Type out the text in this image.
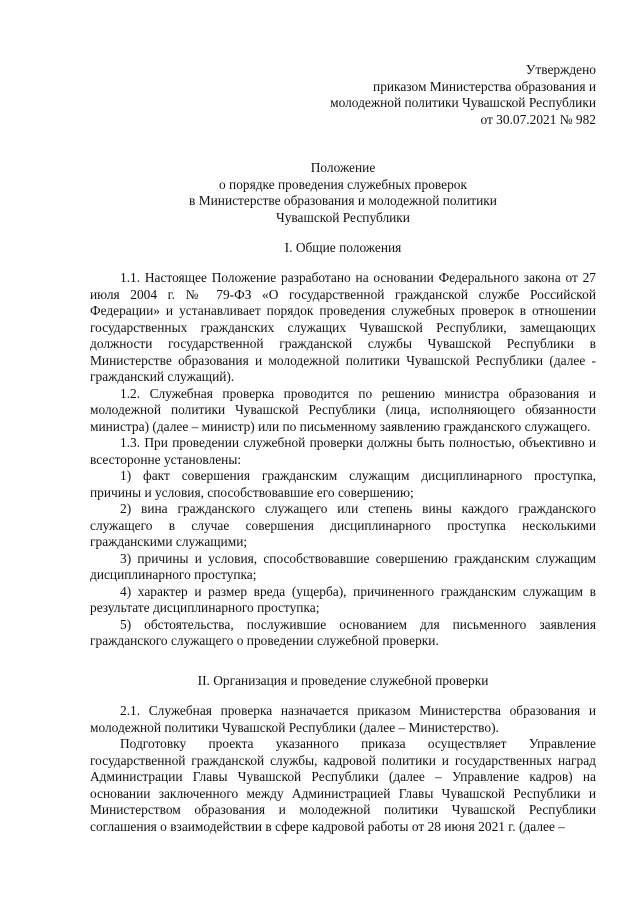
Утверждено
приказом Министерства образования и
молодежной политики Чувашской Республики
от 30.07.2021 № 982
Положение
о порядке проведения служебных проверок
в Министерстве образования и молодежной политики
Чувашской Республики
I. Общие положения

1.1. Настоящее Положение разработано на основании Федерального закона от 27 июля 2004 г. № 79-ФЗ «О государственной гражданской службе Российской Федерации» и устанавливает порядок проведения служебных проверок в отношении государственных гражданских служащих Чувашской Республики, замещающих должности государственной гражданской службы Чувашской Республики в Министерстве образования и молодежной политики Чувашской Республики (далее - гражданский служащий).

1.2. Служебная проверка проводится по решению министра образования и молодежной политики Чувашской Республики (лица, исполняющего обязанности министра) (далее – министр) или по письменному заявлению гражданского служащего.

1.3. При проведении служебной проверки должны быть полностью, объективно и всесторонне установлены:

1) факт совершения гражданским служащим дисциплинарного проступка, причины и условия, способствовавшие его совершению;

2) вина гражданского служащего или степень вины каждого гражданского служащего в случае совершения дисциплинарного проступка несколькими гражданскими служащими;

3) причины и условия, способствовавшие совершению гражданским служащим дисциплинарного проступка;

4) характер и размер вреда (ущерба), причиненного гражданским служащим в результате дисциплинарного проступка;

5) обстоятельства, послужившие основанием для письменного заявления гражданского служащего о проведении служебной проверки.

II. Организация и проведение служебной проверки

2.1. Служебная проверка назначается приказом Министерства образования и молодежной политики Чувашской Республики (далее – Министерство).

Подготовку проекта указанного приказа осуществляет Управление государственной гражданской службы, кадровой политики и государственных наград Администрации Главы Чувашской Республики (далее – Управление кадров) на основании заключенного между Администрацией Главы Чувашской Республики и Министерством образования и молодежной политики Чувашской Республики соглашения о взаимодействии в сфере кадровой работы от 28 июня 2021 г. (далее –
